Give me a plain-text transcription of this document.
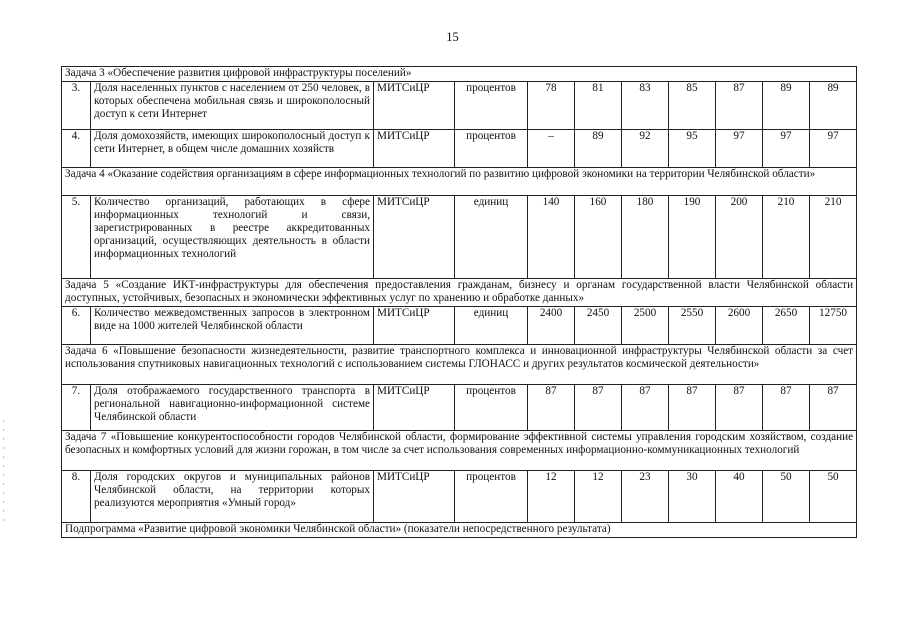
15
Задача 3 «Обеспечение развития цифровой инфраструктуры поселений»										
3.	Доля населенных пунктов с населением от 250 человек, в которых обеспечена мобильная связь и широкополосный доступ к сети Интернет	МИТСиЦР	процентов	78	81	83	85	87	89	89
4.	Доля домохозяйств, имеющих широкополосный доступ к сети Интернет, в общем числе домашних хозяйств	МИТСиЦР	процентов	–	89	92	95	97	97	97
Задача 4 «Оказание содействия организациям в сфере информационных технологий по развитию цифровой экономики на территории Челябинской области»										
5.	Количество организаций, работающих в сфере информационных технологий и связи, зарегистрированных в реестре аккредитованных организаций, осуществляющих деятельность в области информационных технологий	МИТСиЦР	единиц	140	160	180	190	200	210	210
Задача 5 «Создание ИКТ-инфраструктуры для обеспечения предоставления гражданам, бизнесу и органам государственной власти Челябинской области доступных, устойчивых, безопасных и экономически эффективных услуг по хранению и обработке данных»										
6.	Количество межведомственных запросов в электронном виде на 1000 жителей Челябинской области	МИТСиЦР	единиц	2400	2450	2500	2550	2600	2650	12750
Задача 6 «Повышение безопасности жизнедеятельности, развитие транспортного комплекса и инновационной инфраструктуры Челябинской области за счет использования спутниковых навигационных технологий с использованием системы ГЛОНАСС и других результатов космической деятельности»										
7.	Доля отображаемого государственного транспорта в региональной навигационно-информационной системе Челябинской области	МИТСиЦР	процентов	87	87	87	87	87	87	87
Задача 7 «Повышение конкурентоспособности городов Челябинской области, формирование эффективной системы управления городским хозяйством, создание безопасных и комфортных условий для жизни горожан, в том числе за счет использования современных информационно-коммуникационных технологий										
8.	Доля городских округов и муниципальных районов Челябинской области, на территории которых реализуются мероприятия «Умный город»	МИТСиЦР	процентов	12	12	23	30	40	50	50
Подпрограмма «Развитие цифровой экономики Челябинской области» (показатели непосредственного результата)										
